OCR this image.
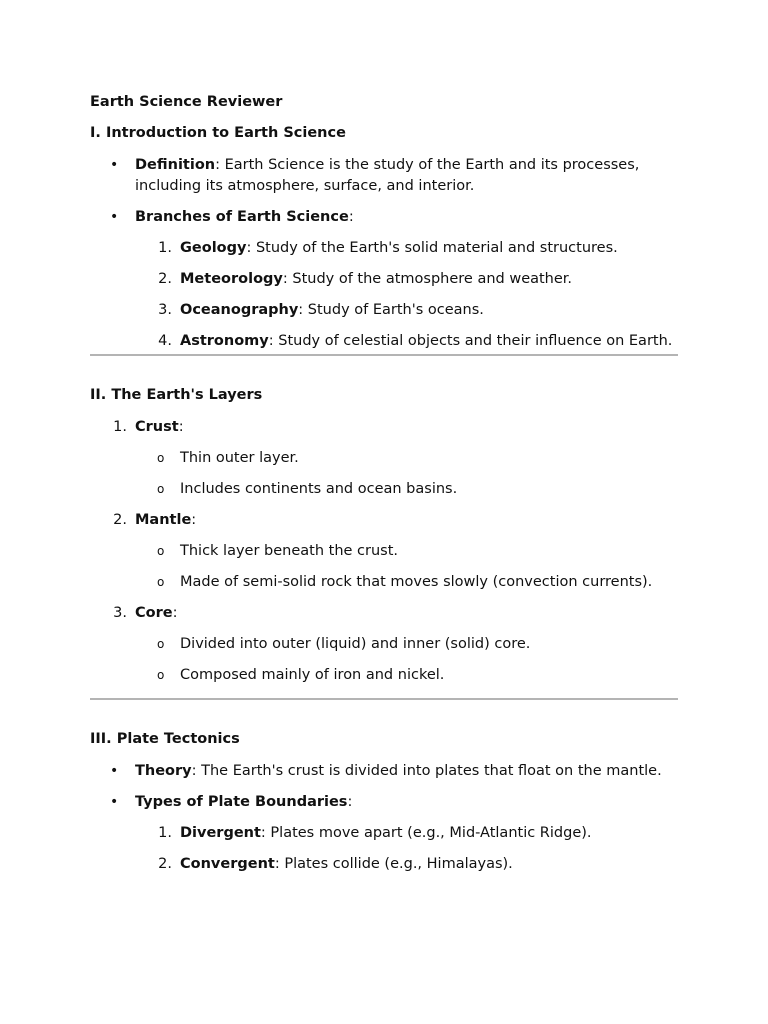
Earth Science Reviewer

I. Introduction to Earth Science

• Definition: Earth Science is the study of the Earth and its processes, including its atmosphere, surface, and interior.
• Branches of Earth Science:
1. Geology: Study of the Earth's solid material and structures.
2. Meteorology: Study of the atmosphere and weather.
3. Oceanography: Study of Earth's oceans.
4. Astronomy: Study of celestial objects and their influence on Earth.

II. The Earth's Layers

1. Crust:
o Thin outer layer.
o Includes continents and ocean basins.
2. Mantle:
o Thick layer beneath the crust.
o Made of semi-solid rock that moves slowly (convection currents).
3. Core:
o Divided into outer (liquid) and inner (solid) core.
o Composed mainly of iron and nickel.

III. Plate Tectonics

• Theory: The Earth's crust is divided into plates that float on the mantle.
• Types of Plate Boundaries:
1. Divergent: Plates move apart (e.g., Mid-Atlantic Ridge).
2. Convergent: Plates collide (e.g., Himalayas).
